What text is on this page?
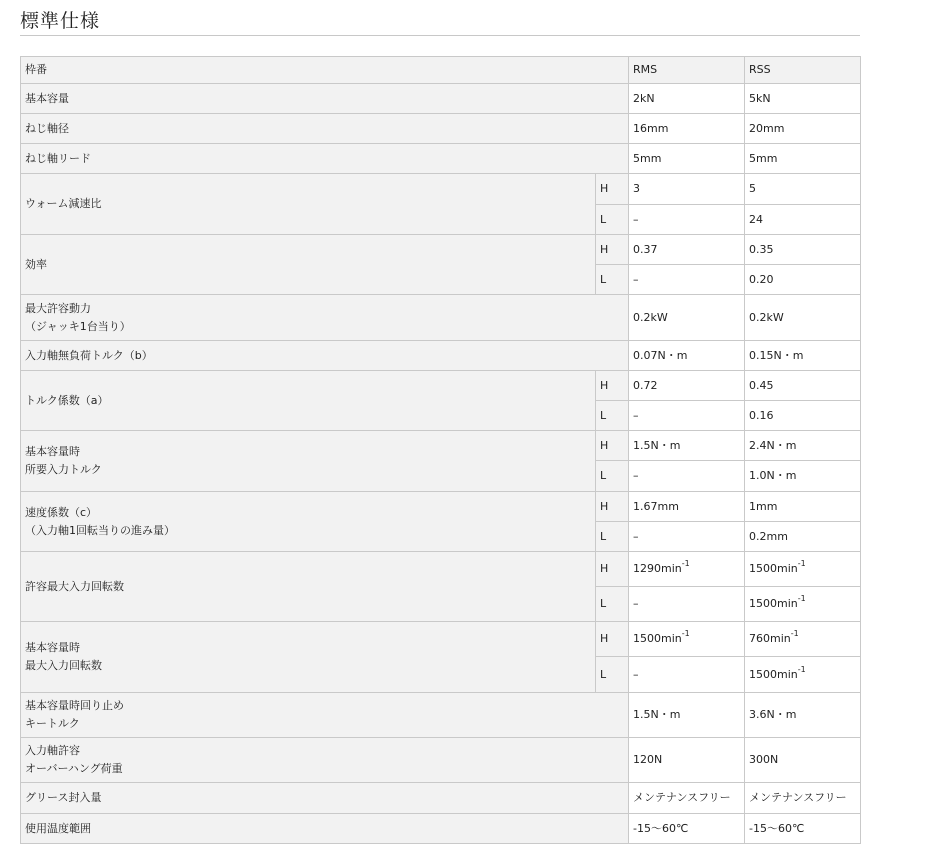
標準仕様
枠番		RMS	RSS
基本容量		2kN	5kN
ねじ軸径		16mm	20mm
ねじ軸リード		5mm	5mm
ウォーム減速比	H	3	5
	L	–	24
効率	H	0.37	0.35
	L	–	0.20

最大許容動力
（ジャッキ1台当り）		0.2kW	0.2kW
入力軸無負荷トルク（b）		0.07N・m	0.15N・m
トルク係数（a）	H	0.72	0.45
	L	–	0.16

基本容量時
所要入力トルク	H	1.5N・m	2.4N・m
	L	–	1.0N・m

速度係数（c）
（入力軸1回転当りの進み量）	H	1.67mm	1mm
	L	–	0.2mm
許容最大入力回転数	H	$1290\min^{-1}$	$1500\min^{-1}$
	L	–	$1500\min^{-1}$

基本容量時
最大入力回転数	H	$1500\min^{-1}$	$760\min^{-1}$
	L	–	$1500\min^{-1}$

基本容量時回り止め
キートルク		1.5N・m	3.6N・m

入力軸許容
オーバーハング荷重		120N	300N
グリース封入量		メンテナンスフリー	メンテナンスフリー
使用温度範囲		-15〜60℃	-15〜60℃
